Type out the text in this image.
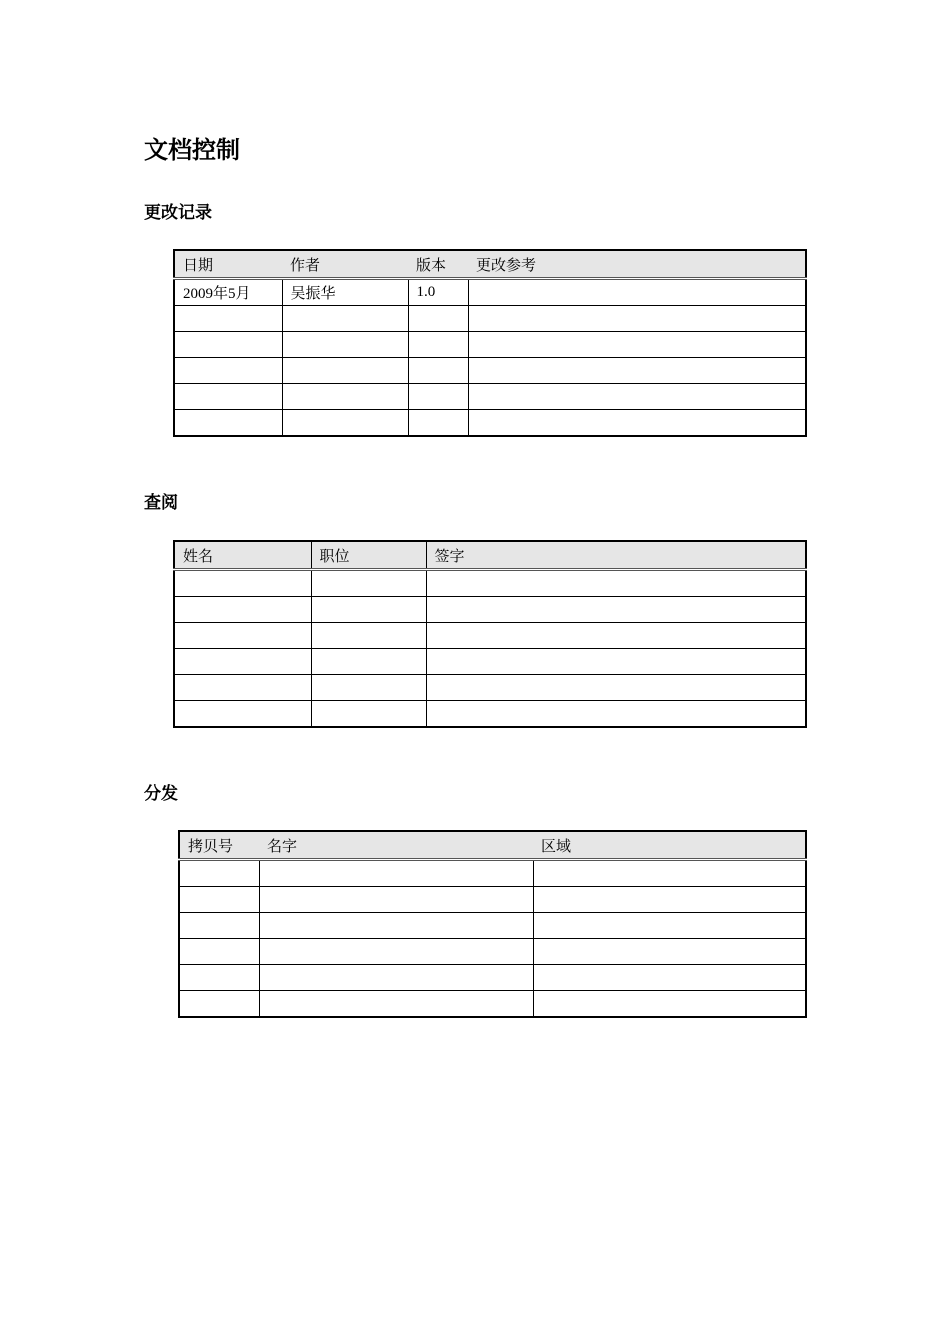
文档控制
更改记录
日期	作者	版本	更改参考
2009年5月	吴振华	1.0	

查阅
姓名	职位	签字

分发
拷贝号	名字	区域
